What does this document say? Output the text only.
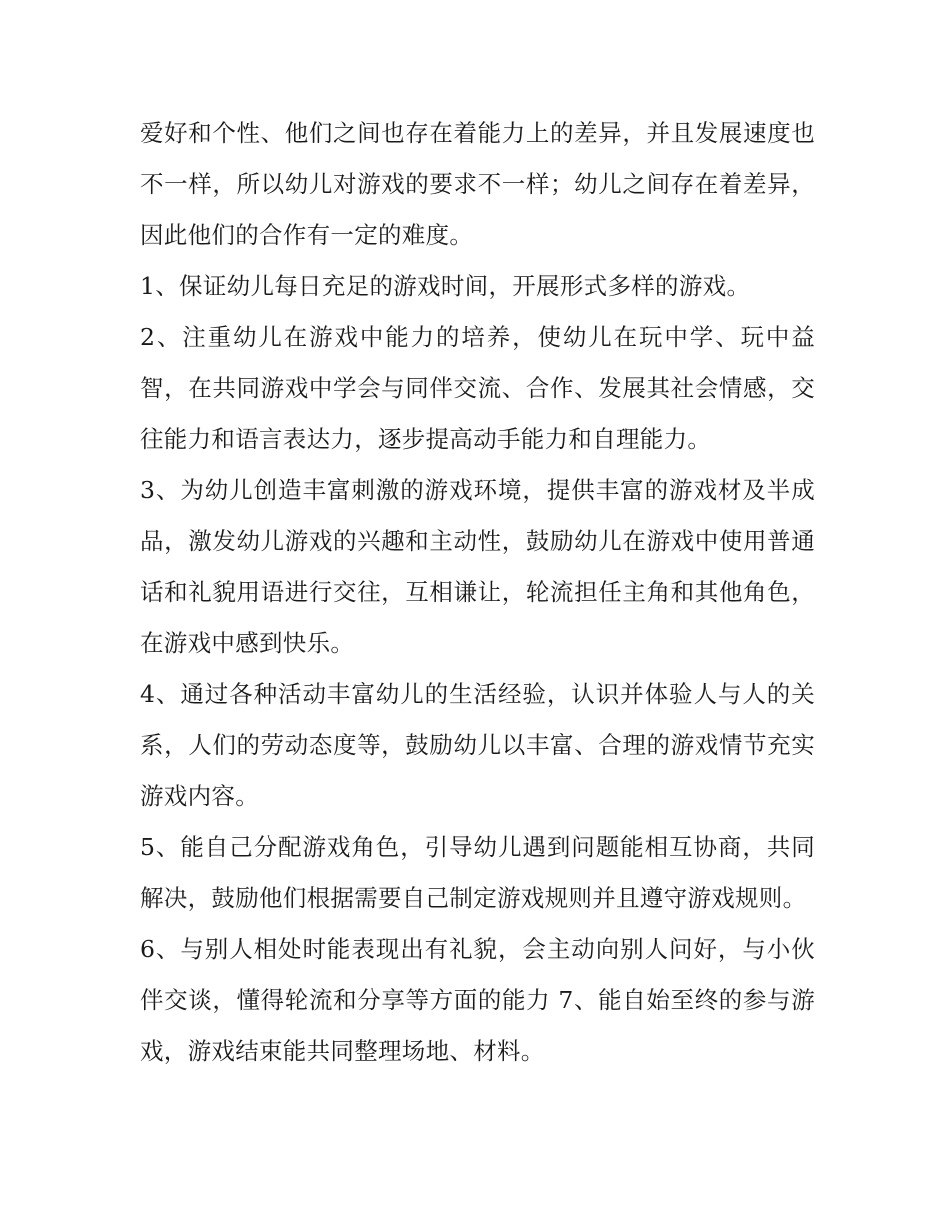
爱好和个性、他们之间也存在着能力上的差异，并且发展速度也不一样，所以幼儿对游戏的要求不一样；幼儿之间存在着差异，因此他们的合作有一定的难度。

1、保证幼儿每日充足的游戏时间，开展形式多样的游戏。

2、注重幼儿在游戏中能力的培养，使幼儿在玩中学、玩中益智，在共同游戏中学会与同伴交流、合作、发展其社会情感，交往能力和语言表达力，逐步提高动手能力和自理能力。

3、为幼儿创造丰富刺激的游戏环境，提供丰富的游戏材及半成品，激发幼儿游戏的兴趣和主动性，鼓励幼儿在游戏中使用普通话和礼貌用语进行交往，互相谦让，轮流担任主角和其他角色，在游戏中感到快乐。

4、通过各种活动丰富幼儿的生活经验，认识并体验人与人的关系，人们的劳动态度等，鼓励幼儿以丰富、合理的游戏情节充实游戏内容。

5、能自己分配游戏角色，引导幼儿遇到问题能相互协商，共同解决，鼓励他们根据需要自己制定游戏规则并且遵守游戏规则。

6、与别人相处时能表现出有礼貌，会主动向别人问好，与小伙伴交谈，懂得轮流和分享等方面的能力 7、能自始至终的参与游戏，游戏结束能共同整理场地、材料。
